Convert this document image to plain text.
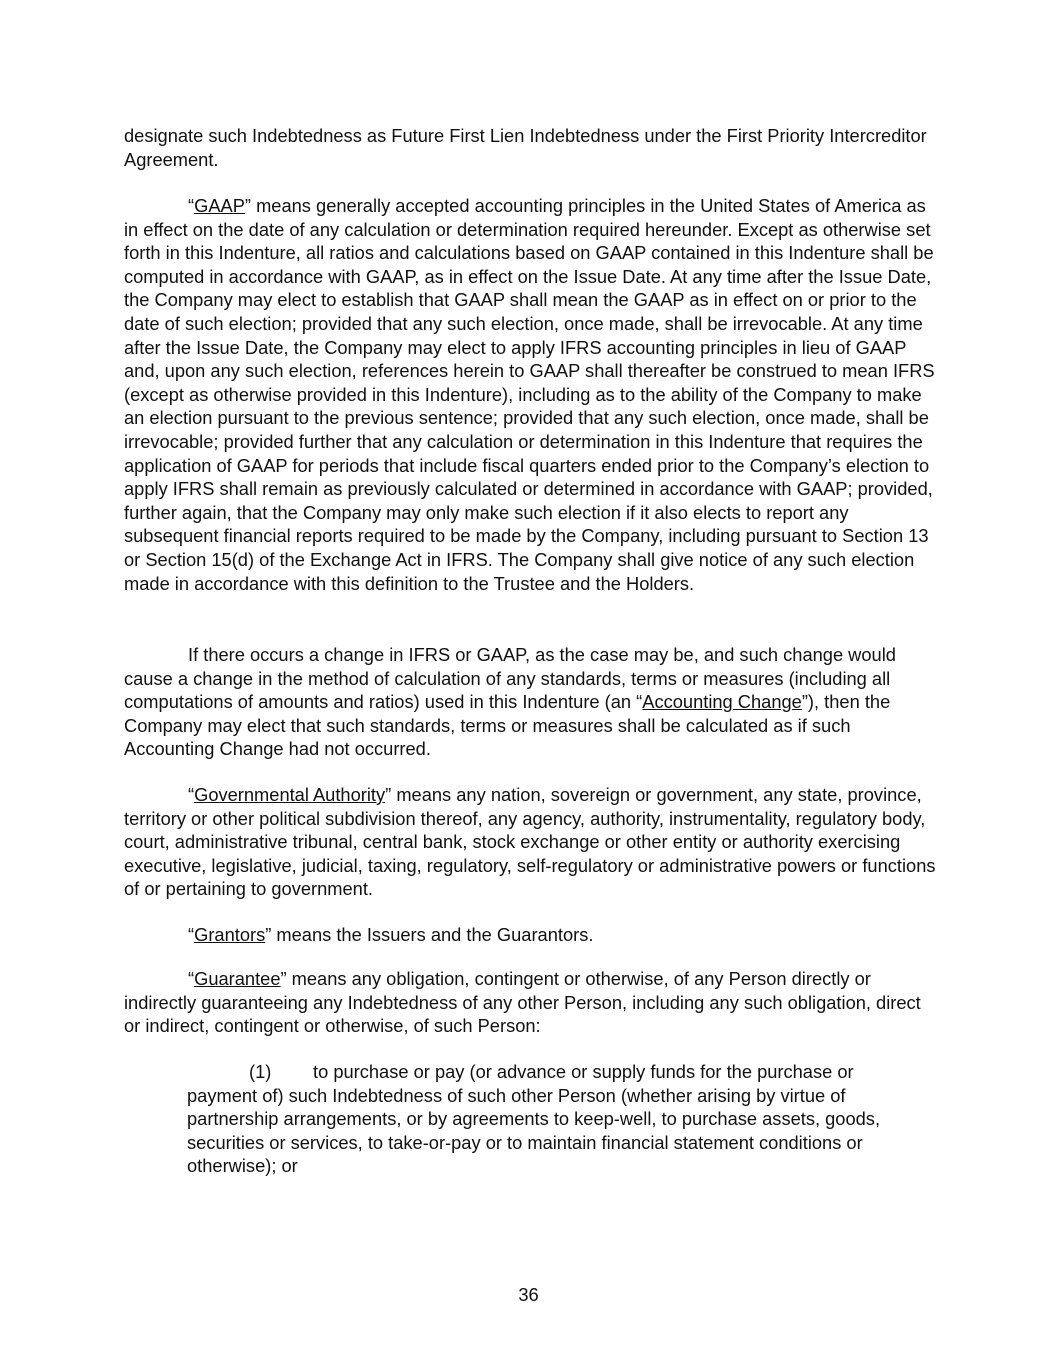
designate such Indebtedness as Future First Lien Indebtedness under the First Priority Intercreditor Agreement.

“GAAP” means generally accepted accounting principles in the United States of America as in effect on the date of any calculation or determination required hereunder. Except as otherwise set forth in this Indenture, all ratios and calculations based on GAAP contained in this Indenture shall be computed in accordance with GAAP, as in effect on the Issue Date. At any time after the Issue Date, the Company may elect to establish that GAAP shall mean the GAAP as in effect on or prior to the date of such election; provided that any such election, once made, shall be irrevocable. At any time after the Issue Date, the Company may elect to apply IFRS accounting principles in lieu of GAAP and, upon any such election, references herein to GAAP shall thereafter be construed to mean IFRS (except as otherwise provided in this Indenture), including as to the ability of the Company to make an election pursuant to the previous sentence; provided that any such election, once made, shall be irrevocable; provided further that any calculation or determination in this Indenture that requires the application of GAAP for periods that include fiscal quarters ended prior to the Company’s election to apply IFRS shall remain as previously calculated or determined in accordance with GAAP; provided, further again, that the Company may only make such election if it also elects to report any subsequent financial reports required to be made by the Company, including pursuant to Section 13 or Section 15(d) of the Exchange Act in IFRS. The Company shall give notice of any such election made in accordance with this definition to the Trustee and the Holders.

If there occurs a change in IFRS or GAAP, as the case may be, and such change would cause a change in the method of calculation of any standards, terms or measures (including all computations of amounts and ratios) used in this Indenture (an “Accounting Change”), then the Company may elect that such standards, terms or measures shall be calculated as if such Accounting Change had not occurred.

“Governmental Authority” means any nation, sovereign or government, any state, province, territory or other political subdivision thereof, any agency, authority, instrumentality, regulatory body, court, administrative tribunal, central bank, stock exchange or other entity or authority exercising executive, legislative, judicial, taxing, regulatory, self-regulatory or administrative powers or functions of or pertaining to government.

“Grantors” means the Issuers and the Guarantors.

“Guarantee” means any obligation, contingent or otherwise, of any Person directly or indirectly guaranteeing any Indebtedness of any other Person, including any such obligation, direct or indirect, contingent or otherwise, of such Person:

(1) to purchase or pay (or advance or supply funds for the purchase or payment of) such Indebtedness of such other Person (whether arising by virtue of partnership arrangements, or by agreements to keep-well, to purchase assets, goods, securities or services, to take-or-pay or to maintain financial statement conditions or otherwise); or

36
